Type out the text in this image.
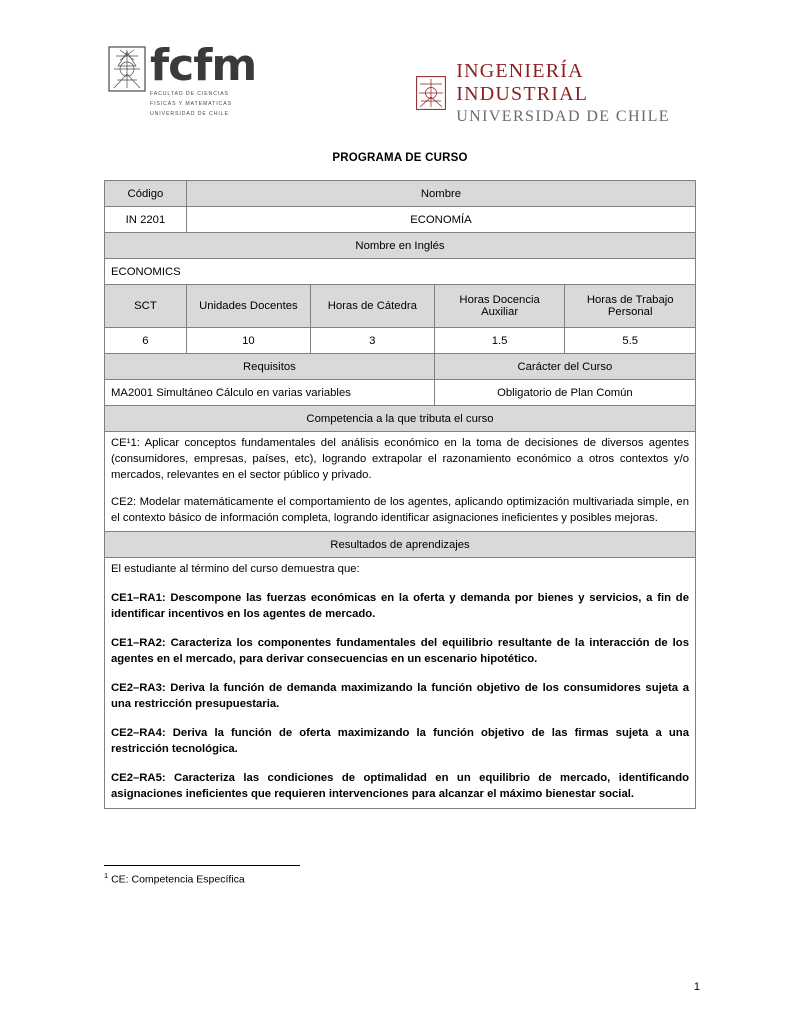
fcfm
FACULTAD DE CIENCIAS
FISICAS Y MATEMATICAS
UNIVERSIDAD DE CHILE
INGENIERÍA INDUSTRIAL
UNIVERSIDAD DE CHILE
PROGRAMA DE CURSO
Código	Nombre			
IN 2201	ECONOMÍA			
Nombre en Inglés				
ECONOMICS				
SCT	Unidades Docentes	Horas de Cátedra	Horas Docencia Auxiliar	Horas de Trabajo Personal
6	10	3	1.5	5.5
Requisitos			Carácter del Curso	
MA2001 Simultáneo Cálculo en varias variables			Obligatorio de Plan Común	
Competencia a la que tributa el curso				

CE¹1: Aplicar conceptos fundamentales del análisis económico en la toma de decisiones de diversos agentes (consumidores, empresas, países, etc), logrando extrapolar el razonamiento económico a otros contextos y/o mercados, relevantes en el sector público y privado.

CE2: Modelar matemáticamente el comportamiento de los agentes, aplicando optimización multivariada simple, en el contexto básico de información completa, logrando identificar asignaciones ineficientes y posibles mejoras.				

Resultados de aprendizajes				

El estudiante al término del curso demuestra que:

CE1–RA1: Descompone las fuerzas económicas en la oferta y demanda por bienes y servicios, a fin de identificar incentivos en los agentes de mercado.

CE1–RA2: Caracteriza los componentes fundamentales del equilibrio resultante de la interacción de los agentes en el mercado, para derivar consecuencias en un escenario hipotético.

CE2–RA3: Deriva la función de demanda maximizando la función objetivo de los consumidores sujeta a una restricción presupuestaria.

CE2–RA4: Deriva la función de oferta maximizando la función objetivo de las firmas sujeta a una restricción tecnológica.

CE2–RA5: Caracteriza las condiciones de optimalidad en un equilibrio de mercado, identificando asignaciones ineficientes que requieren intervenciones para alcanzar el máximo bienestar social.

$^1$ CE: Competencia Específica
1
